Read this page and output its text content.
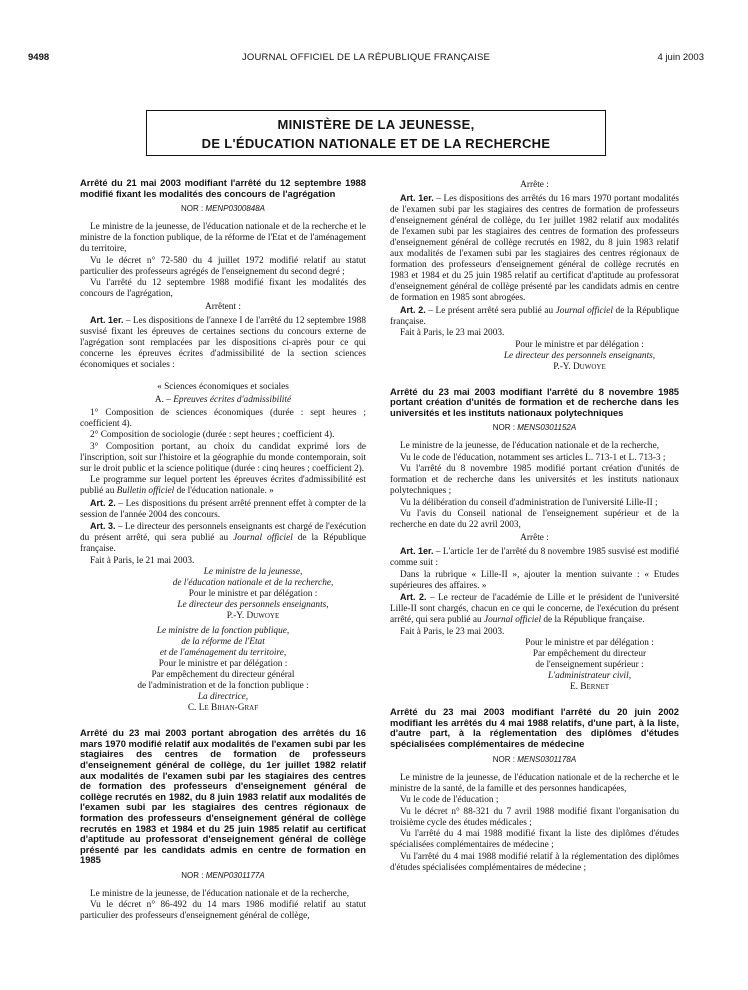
9498	JOURNAL OFFICIEL DE LA RÉPUBLIQUE FRANÇAISE	4 juin 2003
MINISTÈRE DE LA JEUNESSE,
DE L'ÉDUCATION NATIONALE ET DE LA RECHERCHE

Arrêté du 21 mai 2003 modifiant l'arrêté du 12 septembre 1988 modifié fixant les modalités des concours de l'agrégation

NOR : MENP0300848A

Le ministre de la jeunesse, de l'éducation nationale et de la recherche et le ministre de la fonction publique, de la réforme de l'Etat et de l'aménagement du territoire,

Vu le décret n° 72-580 du 4 juillet 1972 modifié relatif au statut particulier des professeurs agrégés de l'enseignement du second degré ;

Vu l'arrêté du 12 septembre 1988 modifié fixant les modalités des concours de l'agrégation,

Arrêtent :

Art. 1er. – Les dispositions de l'annexe I de l'arrêté du 12 septembre 1988 susvisé fixant les épreuves de certaines sections du concours externe de l'agrégation sont remplacées par les dispositions ci-après pour ce qui concerne les épreuves écrites d'admissibilité de la section sciences économiques et sociales :

« Sciences économiques et sociales

A. – Epreuves écrites d'admissibilité

1° Composition de sciences économiques (durée : sept heures ; coefficient 4).

2° Composition de sociologie (durée : sept heures ; coefficient 4).

3° Composition portant, au choix du candidat exprimé lors de l'inscription, soit sur l'histoire et la géographie du monde contemporain, soit sur le droit public et la science politique (durée : cinq heures ; coefficient 2).

Le programme sur lequel portent les épreuves écrites d'admissibilité est publié au Bulletin officiel de l'éducation nationale. »

Art. 2. – Les dispositions du présent arrêté prennent effet à compter de la session de l'année 2004 des concours.

Art. 3. – Le directeur des personnels enseignants est chargé de l'exécution du présent arrêté, qui sera publié au Journal officiel de la République française.

Fait à Paris, le 21 mai 2003.

Le ministre de la jeunesse,

de l'éducation nationale et de la recherche,

Pour le ministre et par délégation :

Le directeur des personnels enseignants,

P.-Y. Duwoye

Le ministre de la fonction publique,

de la réforme de l'Etat

et de l'aménagement du territoire,

Pour le ministre et par délégation :

Par empêchement du directeur général

de l'administration et de la fonction publique :

La directrice,

C. Le Bihan-Graf

Arrêté du 23 mai 2003 portant abrogation des arrêtés du 16 mars 1970 modifié relatif aux modalités de l'examen subi par les stagiaires des centres de formation de professeurs d'enseignement général de collège, du 1er juillet 1982 relatif aux modalités de l'examen subi par les stagiaires des centres de formation des professeurs d'enseignement général de collège recrutés en 1982, du 8 juin 1983 relatif aux modalités de l'examen subi par les stagiaires des centres régionaux de formation des professeurs d'enseignement général de collège recrutés en 1983 et 1984 et du 25 juin 1985 relatif au certificat d'aptitude au professorat d'enseignement général de collège présenté par les candidats admis en centre de formation en 1985

NOR : MENP0301177A

Le ministre de la jeunesse, de l'éducation nationale et de la recherche,

Vu le décret n° 86-492 du 14 mars 1986 modifié relatif au statut particulier des professeurs d'enseignement général de collège,

Arrête :

Art. 1er. – Les dispositions des arrêtés du 16 mars 1970 portant modalités de l'examen subi par les stagiaires des centres de formation de professeurs d'enseignement général de collège, du 1er juillet 1982 relatif aux modalités de l'examen subi par les stagiaires des centres de formation des professeurs d'enseignement général de collège recrutés en 1982, du 8 juin 1983 relatif aux modalités de l'examen subi par les stagiaires des centres régionaux de formation des professeurs d'enseignement général de collège recrutés en 1983 et 1984 et du 25 juin 1985 relatif au certificat d'aptitude au professorat d'enseignement général de collège présenté par les candidats admis en centre de formation en 1985 sont abrogées.

Art. 2. – Le présent arrêté sera publié au Journal officiel de la République française.

Fait à Paris, le 23 mai 2003.

Pour le ministre et par délégation :

Le directeur des personnels enseignants,

P.-Y. Duwoye

Arrêté du 23 mai 2003 modifiant l'arrêté du 8 novembre 1985 portant création d'unités de formation et de recherche dans les universités et les instituts nationaux polytechniques

NOR : MENS0301152A

Le ministre de la jeunesse, de l'éducation nationale et de la recherche,

Vu le code de l'éducation, notamment ses articles L. 713-1 et L. 713-3 ;

Vu l'arrêté du 8 novembre 1985 modifié portant création d'unités de formation et de recherche dans les universités et les instituts nationaux polytechniques ;

Vu la délibération du conseil d'administration de l'université Lille-II ;

Vu l'avis du Conseil national de l'enseignement supérieur et de la recherche en date du 22 avril 2003,

Arrête :

Art. 1er. – L'article 1er de l'arrêté du 8 novembre 1985 susvisé est modifié comme suit :

Dans la rubrique « Lille-II », ajouter la mention suivante : « Etudes supérieures des affaires. »

Art. 2. – Le recteur de l'académie de Lille et le président de l'université Lille-II sont chargés, chacun en ce qui le concerne, de l'exécution du présent arrêté, qui sera publié au Journal officiel de la République française.

Fait à Paris, le 23 mai 2003.

Pour le ministre et par délégation :

Par empêchement du directeur

de l'enseignement supérieur :

L'administrateur civil,

E. Bernet

Arrêté du 23 mai 2003 modifiant l'arrêté du 20 juin 2002 modifiant les arrêtés du 4 mai 1988 relatifs, d'une part, à la liste, d'autre part, à la réglementation des diplômes d'études spécialisées complémentaires de médecine

NOR : MENS0301178A

Le ministre de la jeunesse, de l'éducation nationale et de la recherche et le ministre de la santé, de la famille et des personnes handicapées,

Vu le code de l'éducation ;

Vu le décret n° 88-321 du 7 avril 1988 modifié fixant l'organisation du troisième cycle des études médicales ;

Vu l'arrêté du 4 mai 1988 modifié fixant la liste des diplômes d'études spécialisées complémentaires de médecine ;

Vu l'arrêté du 4 mai 1988 modifié relatif à la réglementation des diplômes d'études spécialisées complémentaires de médecine ;
